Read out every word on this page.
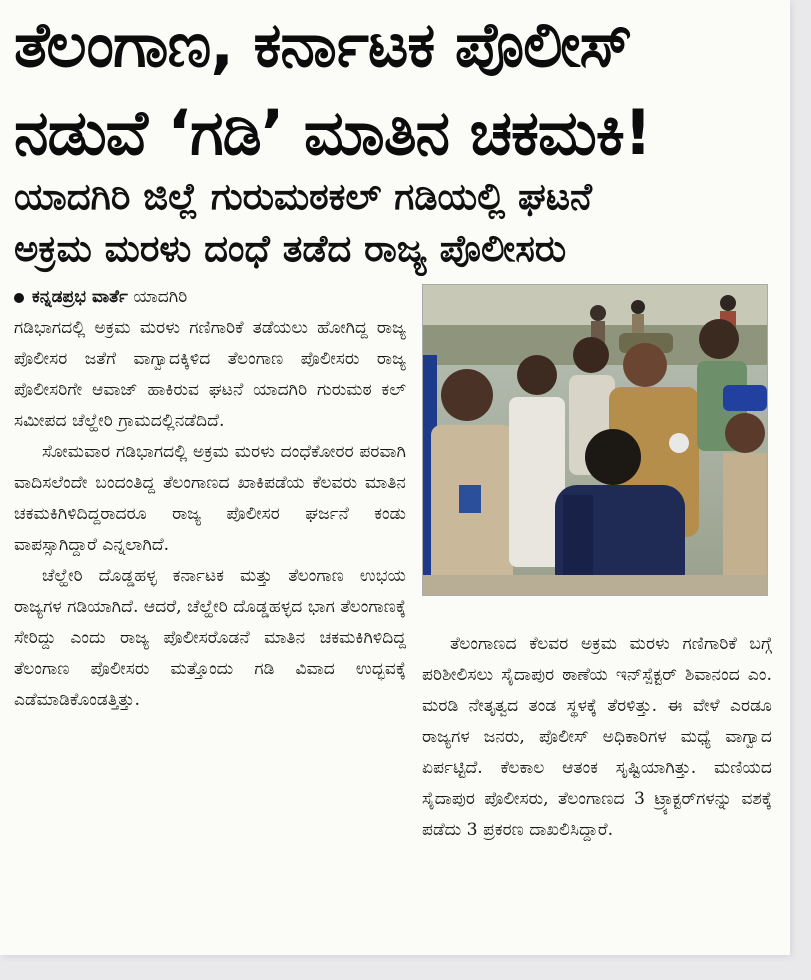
ತೆಲಂಗಾಣ, ಕರ್ನಾಟಕ ಪೊಲೀಸ್
ನಡುವೆ ‘ಗಡಿ’ ಮಾತಿನ ಚಕಮಕಿ!
ಯಾದಗಿರಿ ಜಿಲ್ಲೆ ಗುರುಮಠಕಲ್ ಗಡಿಯಲ್ಲಿ ಘಟನೆ
ಅಕ್ರಮ ಮರಳು ದಂಧೆ ತಡೆದ ರಾಜ್ಯ ಪೊಲೀಸರು

ಕನ್ನಡಪ್ರಭ ವಾರ್ತೆ ಯಾದಗಿರಿ

ಗಡಿಭಾಗದಲ್ಲಿ ಅಕ್ರಮ ಮರಳು ಗಣಿಗಾರಿಕೆ ತಡೆಯಲು ಹೋಗಿದ್ದ ರಾಜ್ಯ ಪೊಲೀಸರ ಜತೆಗೆ ವಾಗ್ವಾದಕ್ಕಿಳಿದ ತೆಲಂಗಾಣ ಪೊಲೀಸರು ರಾಜ್ಯ ಪೊಲೀಸರಿಗೇ ಆವಾಜ್ ಹಾಕಿರುವ ಘಟನೆ ಯಾದಗಿರಿ ಗುರುಮಠ ಕಲ್ ಸಮೀಪದ ಚೆಲ್ಹೇರಿ ಗ್ರಾಮದಲ್ಲಿನಡೆದಿದೆ.

ಸೋಮವಾರ ಗಡಿಭಾಗದಲ್ಲಿ ಅಕ್ರಮ ಮರಳು ದಂಧೆಕೋರರ ಪರವಾಗಿ ವಾದಿಸಲೆಂದೇ ಬಂದಂತಿದ್ದ ತೆಲಂಗಾಣದ ಖಾಕಿಪಡೆಯ ಕೆಲವರು ಮಾತಿನ ಚಕಮಕಿಗಿಳಿದಿದ್ದರಾದರೂ ರಾಜ್ಯ ಪೊಲೀಸರ ಘರ್ಜನೆ ಕಂಡು ವಾಪಸ್ಸಾಗಿದ್ದಾರೆ ಎನ್ನಲಾಗಿದೆ.

ಚೆಲ್ಹೇರಿ ದೊಡ್ಡಹಳ್ಳ ಕರ್ನಾಟಕ ಮತ್ತು ತೆಲಂಗಾಣ ಉಭಯ ರಾಜ್ಯಗಳ ಗಡಿಯಾಗಿದೆ. ಆದರೆ, ಚೆಲ್ಹೇರಿ ದೊಡ್ಡಹಳ್ಳದ ಭಾಗ ತೆಲಂಗಾಣಕ್ಕೆ ಸೇರಿದ್ದು ಎಂದು ರಾಜ್ಯ ಪೊಲೀಸರೊಡನೆ ಮಾತಿನ ಚಕಮಕಿಗಿಳಿದಿದ್ದ ತೆಲಂಗಾಣ ಪೊಲೀಸರು ಮತ್ತೊಂದು ಗಡಿ ವಿವಾದ ಉದ್ಭವಕ್ಕೆ ಎಡೆಮಾಡಿಕೊಂಡತ್ತಿತ್ತು.

ತೆಲಂಗಾಣದ ಕೆಲವರ ಅಕ್ರಮ ಮರಳು ಗಣಿಗಾರಿಕೆ ಬಗ್ಗೆ ಪರಿಶೀಲಿಸಲು ಸೈದಾಪುರ ಠಾಣೆಯ ಇನ್‌ಸ್ಪೆಕ್ಟರ್ ಶಿವಾನಂದ ಎಂ. ಮರಡಿ ನೇತೃತ್ವದ ತಂಡ ಸ್ಥಳಕ್ಕೆ ತೆರಳಿತ್ತು. ಈ ವೇಳೆ ಎರಡೂ ರಾಜ್ಯಗಳ ಜನರು, ಪೊಲೀಸ್ ಅಧಿಕಾರಿಗಳ ಮಧ್ಯೆ ವಾಗ್ವಾದ ಏರ್ಪಟ್ಟಿದೆ. ಕೆಲಕಾಲ ಆತಂಕ ಸೃಷ್ಟಿಯಾಗಿತ್ತು. ಮಣಿಯದ ಸೈದಾಪುರ ಪೊಲೀಸರು, ತೆಲಂಗಾಣದ 3 ಟ್ರ್ಯಾಕ್ಟರ್‌ಗಳನ್ನು ವಶಕ್ಕೆ ಪಡೆದು 3 ಪ್ರಕರಣ ದಾಖಲಿಸಿದ್ದಾರೆ.
